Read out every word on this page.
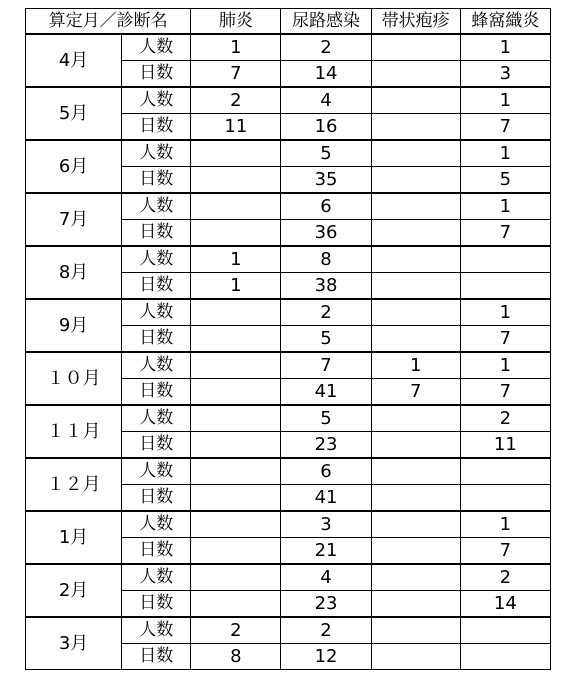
算定月／診断名		肺炎	尿路感染	帯状疱疹	蜂窩織炎
4月	人数	1	2		1
	日数	7	14		3
5月	人数	2	4		1
	日数	11	16		7
6月	人数		5		1
	日数		35		5
7月	人数		6		1
	日数		36		7
8月	人数	1	8		
	日数	1	38		
9月	人数		2		1
	日数		5		7
１０月	人数		7	1	1
	日数		41	7	7
１１月	人数		5		2
	日数		23		11
１２月	人数		6		
	日数		41		
1月	人数		3		1
	日数		21		7
2月	人数		4		2
	日数		23		14
3月	人数	2	2		
	日数	8	12		
